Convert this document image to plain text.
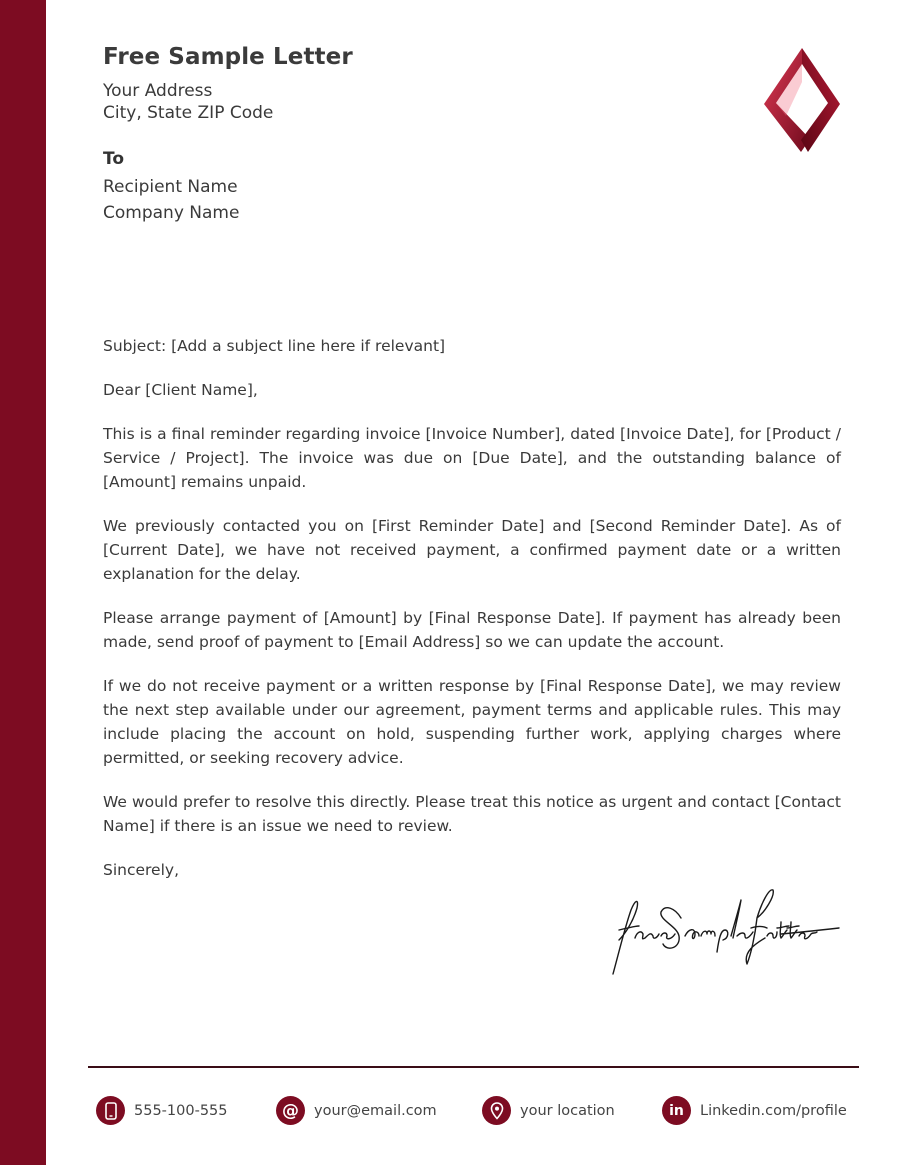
Free Sample Letter
Your Address
City, State ZIP Code
To
Recipient Name
Company Name

Subject: [Add a subject line here if relevant]

Dear [Client Name],

This is a final reminder regarding invoice [Invoice Number], dated [Invoice Date], for [Product / Service / Project]. The invoice was due on [Due Date], and the outstanding balance of [Amount] remains unpaid.

We previously contacted you on [First Reminder Date] and [Second Reminder Date]. As of [Current Date], we have not received payment, a confirmed payment date or a written explanation for the delay.

Please arrange payment of [Amount] by [Final Response Date]. If payment has already been made, send proof of payment to [Email Address] so we can update the account.

If we do not receive payment or a written response by [Final Response Date], we may review the next step available under our agreement, payment terms and applicable rules. This may include placing the account on hold, suspending further work, applying charges where permitted, or seeking recovery advice.

We would prefer to resolve this directly. Please treat this notice as urgent and contact [Contact Name] if there is an issue we need to review.

Sincerely,

555-100-555	@	your@email.com	your location	in	Linkedin.com/profile
